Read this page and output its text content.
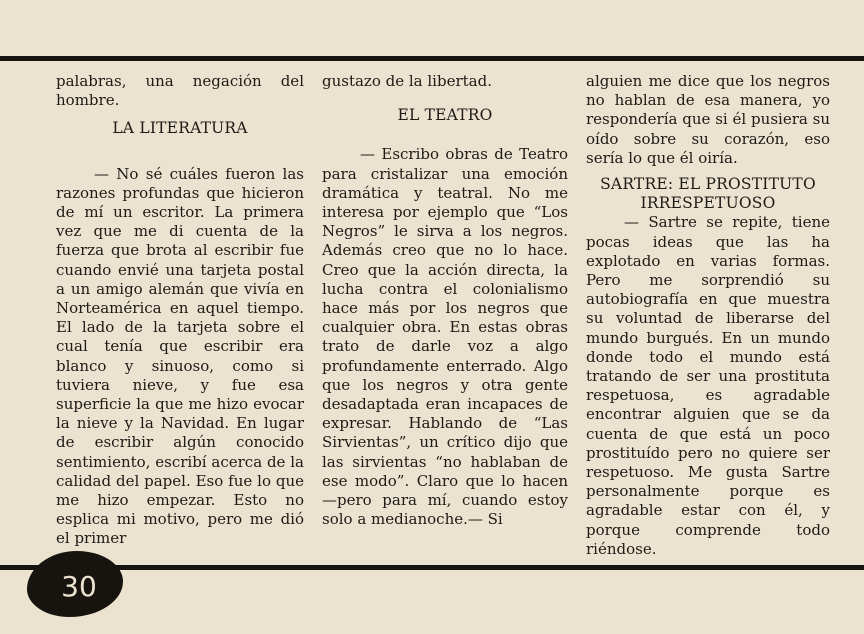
palabras, una negación del hombre.

LA LITERATURA

— No sé cuáles fueron las razones profundas que hicieron de mí un escritor. La primera vez que me di cuenta de la fuerza que brota al escribir fue cuando envié una tarjeta postal a un amigo alemán que vivía en Norteamérica en aquel tiempo. El lado de la tarjeta sobre el cual tenía que escribir era blanco y sinuoso, como si tuviera nieve, y fue esa superficie la que me hizo evocar la nieve y la Navidad. En lugar de escribir algún conocido sentimiento, escribí acerca de la calidad del papel. Eso fue lo que me hizo empezar. Esto no esplica mi motivo, pero me dió el primer

gustazo de la libertad.

EL TEATRO

— Escribo obras de Teatro para cristalizar una emoción dramática y teatral. No me interesa por ejemplo que “Los Negros” le sirva a los negros. Además creo que no lo hace. Creo que la acción directa, la lucha contra el colonialismo hace más por los negros que cualquier obra. En estas obras trato de darle voz a algo profundamente enterrado. Algo que los negros y otra gente desadaptada eran incapaces de expresar. Hablando de “Las Sirvientas”, un crítico dijo que las sirvientas “no hablaban de ese modo”. Claro que lo hacen —pero para mí, cuando estoy solo a medianoche.— Si

alguien me dice que los negros no hablan de esa manera, yo respondería que si él pusiera su oído sobre su corazón, eso sería lo que él oiría.

SARTRE: EL PROSTITUTO
IRRESPETUOSO

— Sartre se repite, tiene pocas ideas que las ha explotado en varias formas. Pero me sorprendió su autobiografía en que muestra su voluntad de liberarse del mundo burgués. En un mundo donde todo el mundo está tratando de ser una prostituta respetuosa, es agradable encontrar alguien que se da cuenta de que está un poco prostituído pero no quiere ser respetuoso. Me gusta Sartre personalmente porque es agradable estar con él, y porque comprende todo riéndose.

30
